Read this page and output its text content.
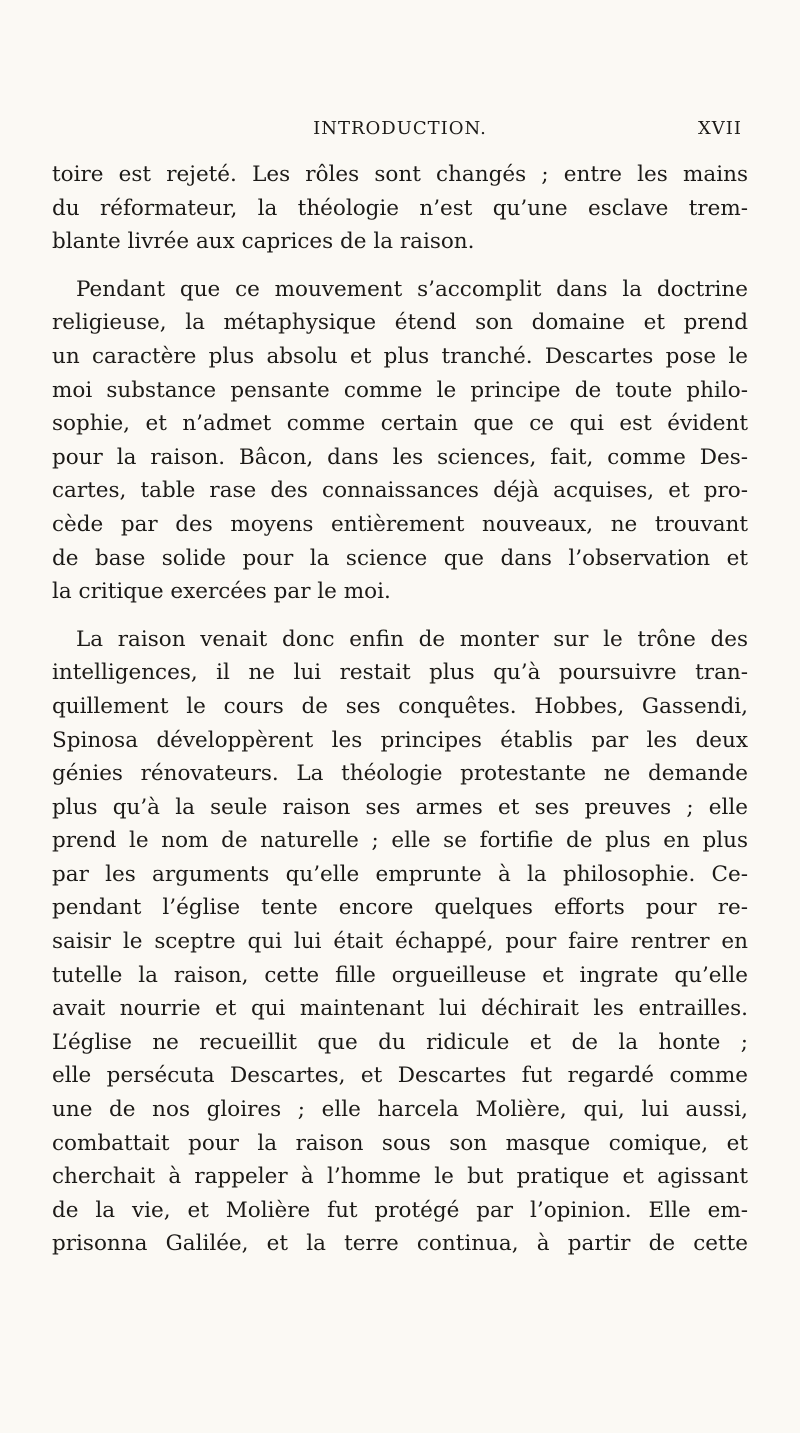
INTRODUCTION.	XVII
toire est rejeté. Les rôles sont changés ; entre les mains
du réformateur, la théologie n’est qu’une esclave trem-
blante livrée aux caprices de la raison.
Pendant que ce mouvement s’accomplit dans la doctrine
religieuse, la métaphysique étend son domaine et prend
un caractère plus absolu et plus tranché. Descartes pose le
moi substance pensante comme le principe de toute philo-
sophie, et n’admet comme certain que ce qui est évident
pour la raison. Bâcon, dans les sciences, fait, comme Des-
cartes, table rase des connaissances déjà acquises, et pro-
cède par des moyens entièrement nouveaux, ne trouvant
de base solide pour la science que dans l’observation et
la critique exercées par le moi.
La raison venait donc enfin de monter sur le trône des
intelligences, il ne lui restait plus qu’à poursuivre tran-
quillement le cours de ses conquêtes. Hobbes, Gassendi,
Spinosa développèrent les principes établis par les deux
génies rénovateurs. La théologie protestante ne demande
plus qu’à la seule raison ses armes et ses preuves ; elle
prend le nom de naturelle ; elle se fortifie de plus en plus
par les arguments qu’elle emprunte à la philosophie. Ce-
pendant l’église tente encore quelques efforts pour re-
saisir le sceptre qui lui était échappé, pour faire rentrer en
tutelle la raison, cette fille orgueilleuse et ingrate qu’elle
avait nourrie et qui maintenant lui déchirait les entrailles.
L’église ne recueillit que du ridicule et de la honte ;
elle persécuta Descartes, et Descartes fut regardé comme
une de nos gloires ; elle harcela Molière, qui, lui aussi,
combattait pour la raison sous son masque comique, et
cherchait à rappeler à l’homme le but pratique et agissant
de la vie, et Molière fut protégé par l’opinion. Elle em-
prisonna Galilée, et la terre continua, à partir de cette
